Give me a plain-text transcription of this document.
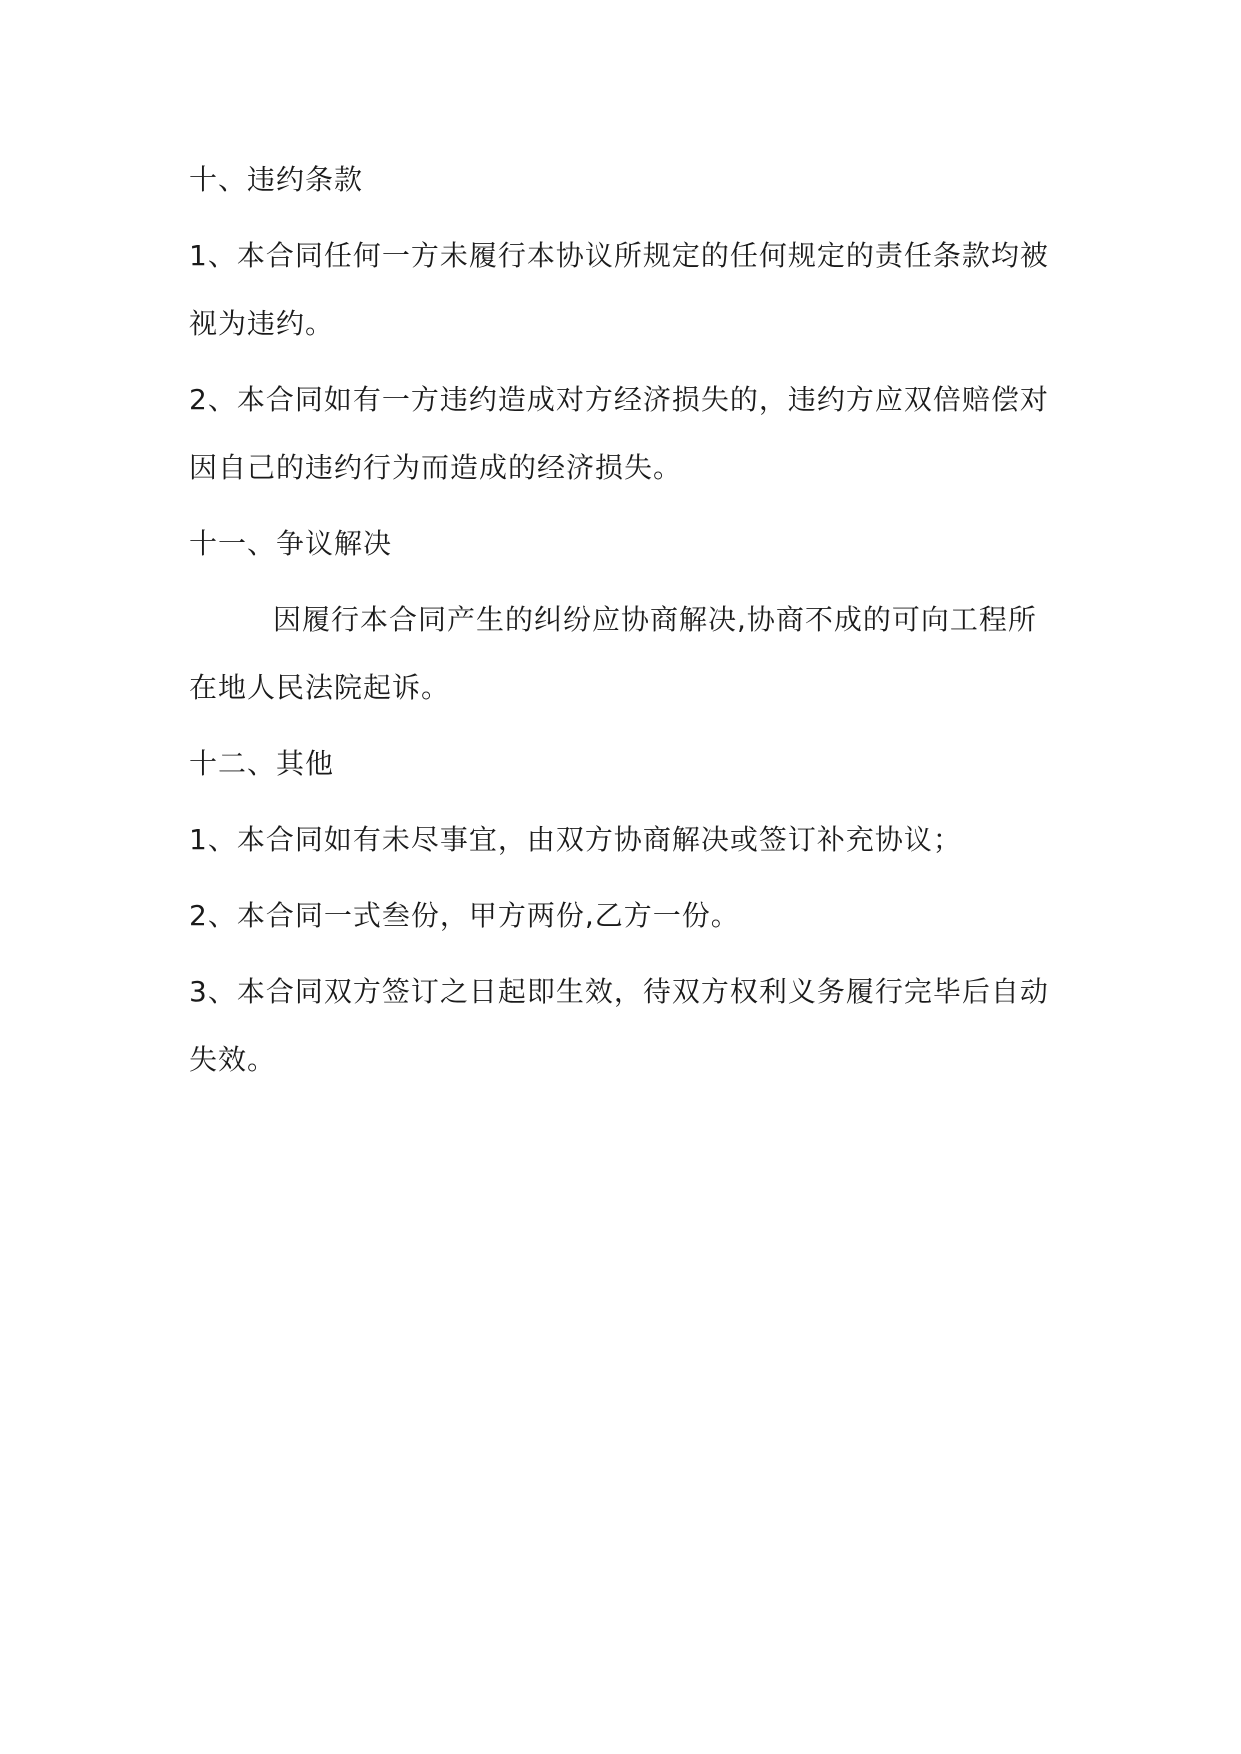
十、违约条款

1、本合同任何一方未履行本协议所规定的任何规定的责任条款均被视为违约。

2、本合同如有一方违约造成对方经济损失的，违约方应双倍赔偿对因自己的违约行为而造成的经济损失。

十一、争议解决

因履行本合同产生的纠纷应协商解决,协商不成的可向工程所在地人民法院起诉。

十二、其他

1、本合同如有未尽事宜，由双方协商解决或签订补充协议；

2、本合同一式叁份，甲方两份,乙方一份。

3、本合同双方签订之日起即生效，待双方权利义务履行完毕后自动失效。
